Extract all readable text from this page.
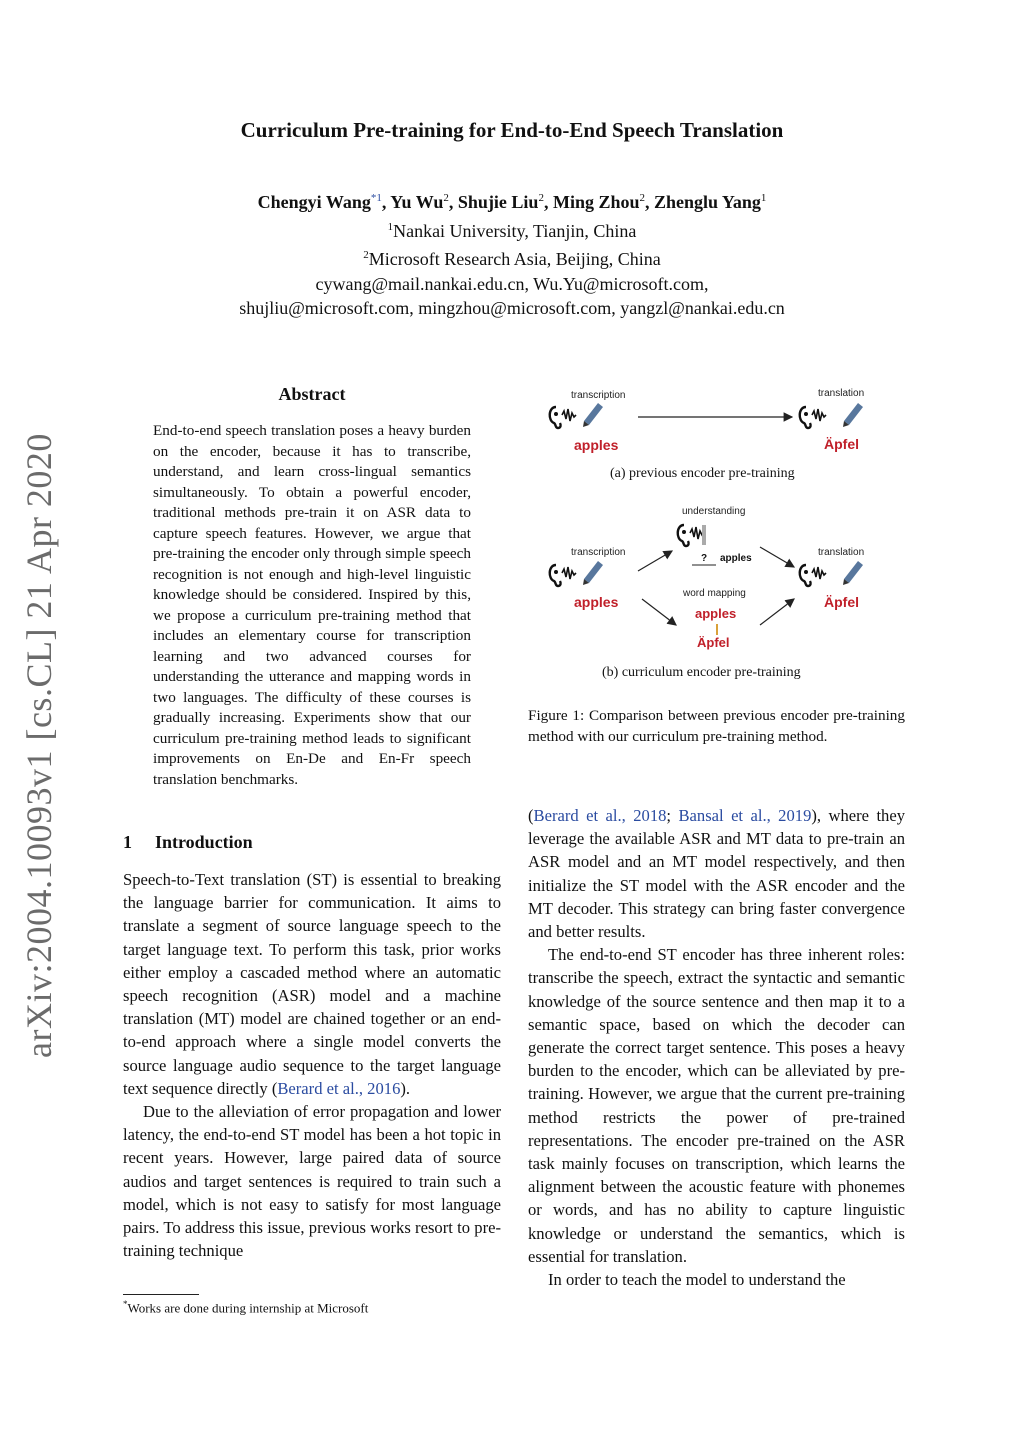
arXiv:2004.10093v1 [cs.CL] 21 Apr 2020
Curriculum Pre-training for End-to-End Speech Translation
Chengyi Wang$^{*1}$, Yu Wu$^2$, Shujie Liu$^2$, Ming Zhou$^2$, Zhenglu Yang$^1$
$^1$Nankai University, Tianjin, China
$^2$Microsoft Research Asia, Beijing, China
cywang@mail.nankai.edu.cn, Wu.Yu@microsoft.com,
shujliu@microsoft.com, mingzhou@microsoft.com, yangzl@nankai.edu.cn
Abstract

End-to-end speech translation poses a heavy burden on the encoder, because it has to transcribe, understand, and learn cross-lingual semantics simultaneously. To obtain a powerful encoder, traditional methods pre-train it on ASR data to capture speech features. However, we argue that pre-training the encoder only through simple speech recognition is not enough and high-level linguistic knowledge should be considered. Inspired by this, we propose a curriculum pre-training method that includes an elementary course for transcription learning and two advanced courses for understanding the utterance and mapping words in two languages. The difficulty of these courses is gradually increasing. Experiments show that our curriculum pre-training method leads to significant improvements on En-De and En-Fr speech translation benchmarks.

1 Introduction

Speech-to-Text translation (ST) is essential to breaking the language barrier for communication. It aims to translate a segment of source language speech to the target language text. To perform this task, prior works either employ a cascaded method where an automatic speech recognition (ASR) model and a machine translation (MT) model are chained together or an end-to-end approach where a single model converts the source language audio sequence to the target language text sequence directly (Berard et al., 2016).

Due to the alleviation of error propagation and lower latency, the end-to-end ST model has been a hot topic in recent years. However, large paired data of source audios and target sentences is required to train such a model, which is not easy to satisfy for most language pairs. To address this issue, previous works resort to pre-training technique

*Works are done during internship at Microsoft
transcription	translation
apples	Äpfel
(a) previous encoder pre-training
understanding
? apples
transcription
apples
word mapping
apples
Äpfel
translation
Äpfel
(b) curriculum encoder pre-training
Figure 1: Comparison between previous encoder pre-training method with our curriculum pre-training method.

(Berard et al., 2018; Bansal et al., 2019), where they leverage the available ASR and MT data to pre-train an ASR model and an MT model respectively, and then initialize the ST model with the ASR encoder and the MT decoder. This strategy can bring faster convergence and better results.

The end-to-end ST encoder has three inherent roles: transcribe the speech, extract the syntactic and semantic knowledge of the source sentence and then map it to a semantic space, based on which the decoder can generate the correct target sentence. This poses a heavy burden to the encoder, which can be alleviated by pre-training. However, we argue that the current pre-training method restricts the power of pre-trained representations. The encoder pre-trained on the ASR task mainly focuses on transcription, which learns the alignment between the acoustic feature with phonemes or words, and has no ability to capture linguistic knowledge or understand the semantics, which is essential for translation.

In order to teach the model to understand the
